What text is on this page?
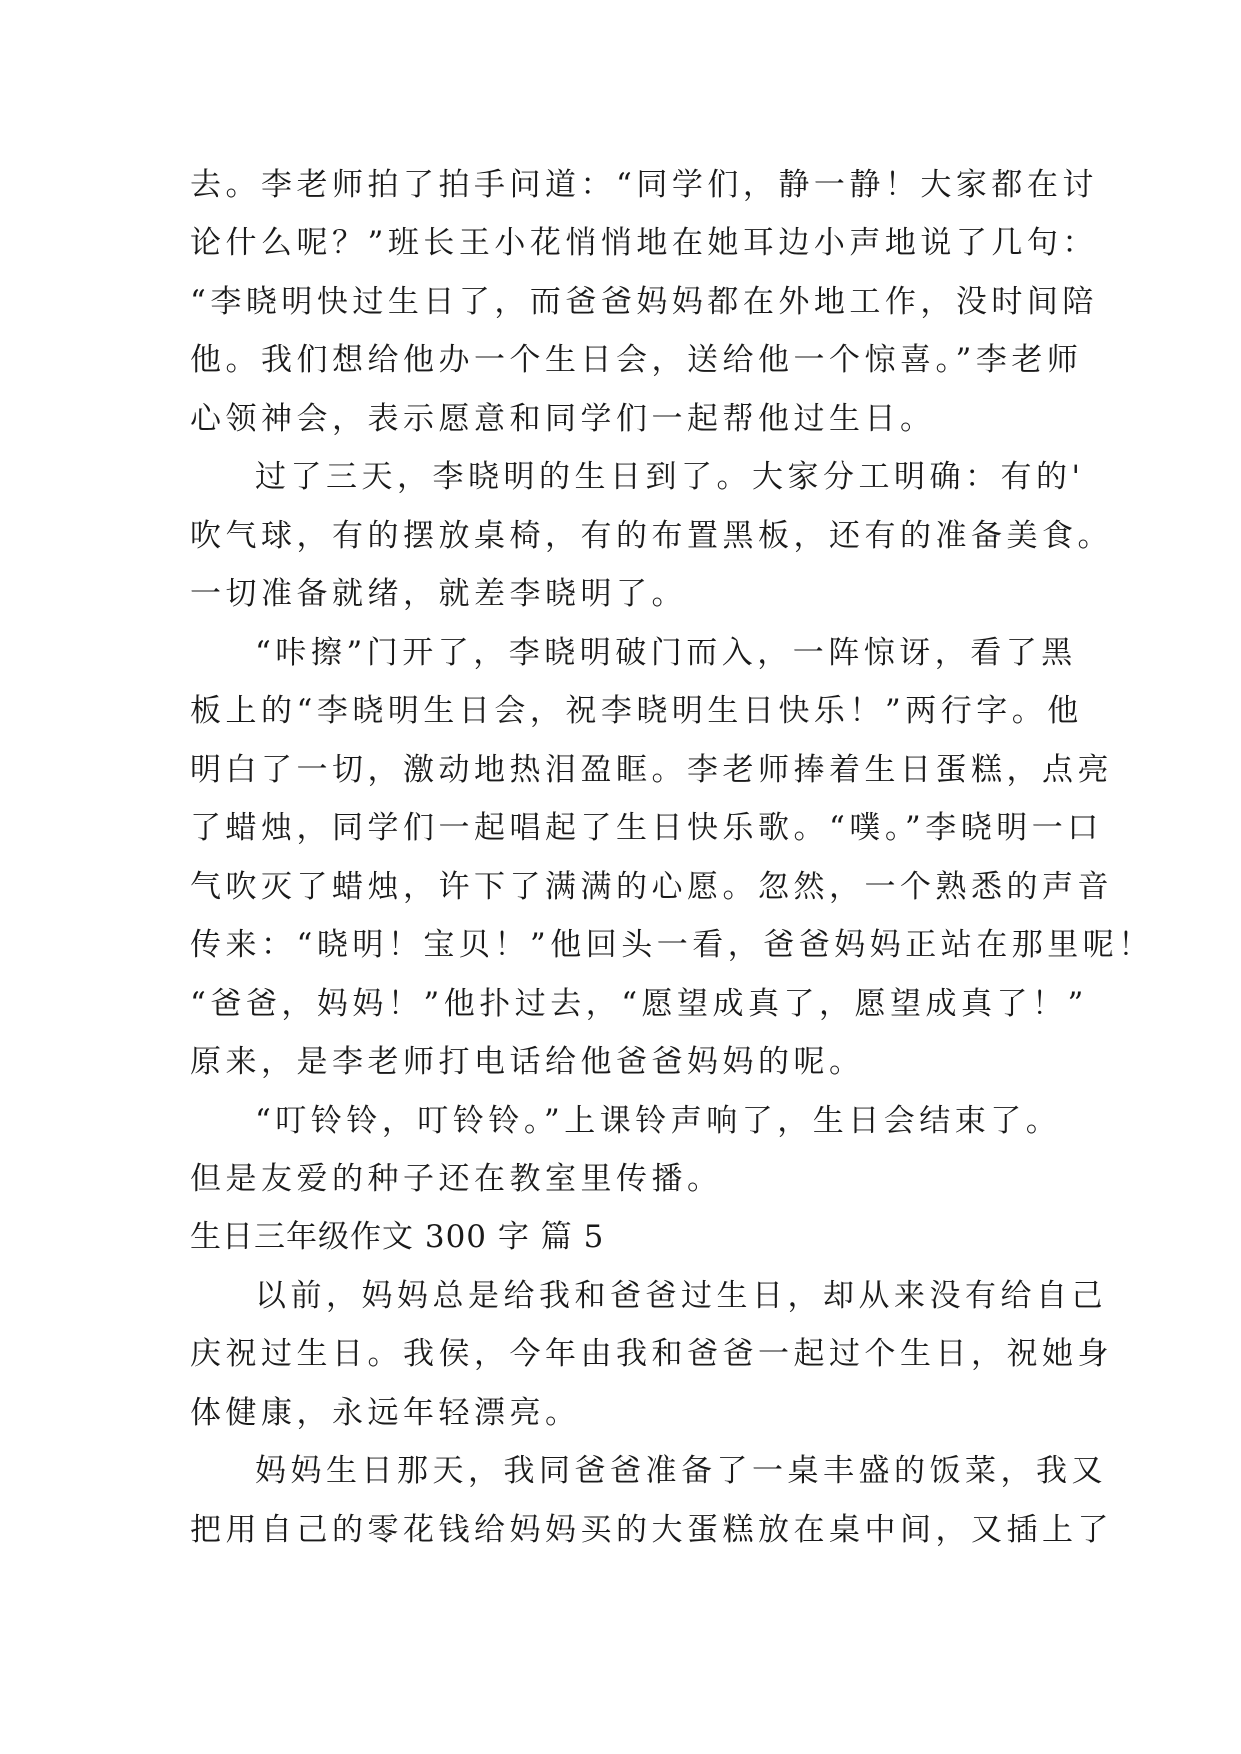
去。李老师拍了拍手问道：“同学们，静一静！大家都在讨
论什么呢？”班长王小花悄悄地在她耳边小声地说了几句：
“李晓明快过生日了，而爸爸妈妈都在外地工作，没时间陪
他。我们想给他办一个生日会，送给他一个惊喜。”李老师
心领神会，表示愿意和同学们一起帮他过生日。
过了三天，李晓明的生日到了。大家分工明确：有的'
吹气球，有的摆放桌椅，有的布置黑板，还有的准备美食。
一切准备就绪，就差李晓明了。
“咔擦”门开了，李晓明破门而入，一阵惊讶，看了黑
板上的“李晓明生日会，祝李晓明生日快乐！”两行字。他
明白了一切，激动地热泪盈眶。李老师捧着生日蛋糕，点亮
了蜡烛，同学们一起唱起了生日快乐歌。“噗。”李晓明一口
气吹灭了蜡烛，许下了满满的心愿。忽然，一个熟悉的声音
传来：“晓明！宝贝！”他回头一看，爸爸妈妈正站在那里呢！
“爸爸，妈妈！”他扑过去，“愿望成真了，愿望成真了！”
原来，是李老师打电话给他爸爸妈妈的呢。
“叮铃铃，叮铃铃。”上课铃声响了，生日会结束了。
但是友爱的种子还在教室里传播。
生日三年级作文 300 字 篇 5
以前，妈妈总是给我和爸爸过生日，却从来没有给自己
庆祝过生日。我侯，今年由我和爸爸一起过个生日，祝她身
体健康，永远年轻漂亮。
妈妈生日那天，我同爸爸准备了一桌丰盛的饭菜，我又
把用自己的零花钱给妈妈买的大蛋糕放在桌中间，又插上了
